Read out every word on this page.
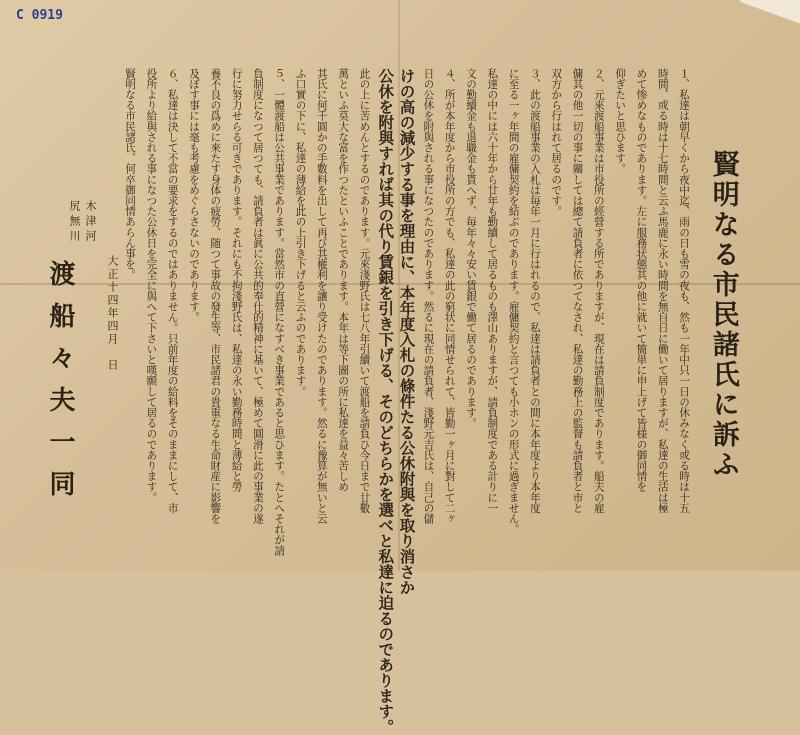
C 0919
賢明なる市民諸氏に訴ふ
１、私達は朝早くから夜中迄、雨の日も雪の夜も、然も一年中只一日の休みなく或る時は十五
時間、或る時は十七時間と云ふ馬鹿に永い時間を無自日に働いて居りますが、私達の生活は極
めて惨めなものであります。左に服務状態其の他に就いて簡単に申上げて皆様の御同情を
仰ぎたいと思ひます。
２、元來渡船事業は市役所の經營する所でありますが、現在は請負制度であります。船夫の雇
傭其の他一切の事に關しては總て請負者に依つてなされ、私達の勤務上の監督も請負者と市と
双方から行はれて居るのです。
３、此の渡船事業の入札は毎年一月に行はれるので、私達は請負者との間に本年度より本年度
に至る一ヶ年間の雇傭契約を結ぶのであります。雇傭契約と言つても小ホンの形式に過ぎません。
私達の中には六十年から廿年も勤續して居るものも澤山ありますが、請負制度である計りに一
文の勤續金も退職金も貰へず、毎年々々安い賃銀で働て居るのであります。
４、所が本年度から市役所の方でも、私達の此の窮状に同情せられて、皆勤一ヶ月に對して二ヶ
日の公休を附與される事になつたのであります。然るに現在の請負者、淺野元吉氏は、自己の儲
けの高の減少する事を理由に、本年度入札の條件たる公休附與を取り消さか
公休を附與すれば其の代り賃銀を引き下げる、そのどちらかを選べと私達に迫るのであります。
此の上に苦めんとするのであります。元來淺野氏は七八年引續いて渡船を請負ひ今日まで廿數
萬といふ莫大な富を作つたといふことであります。本年は等下圖の所に私達を益々苦しめ
其氏に何千圓かの手數料を出して再び其權利を讓り受けたのであります。然るに豫算が無いと云
ふ口實の下に、私達の薄給を此の上引き下げると云ふのであります。
５、一體渡船は公共事業であります。當然市の直營になすべき事業であると思ひます。たとへそれが請
負制度になつて居つても、請負者は眞に公共的奉仕的精神に基いて、極めて圓滑に此の事業の遂
行に努力せらる可きであります。それにも不拘淺野氏は、私達の永い勤務時間と薄給と勞
養不良の爲めに來たす身体の疲勞、随つて事故の發生等、市民諸君の貴重なる生命財産に影響を
及ぼす事には毫も考慮をめぐらさないのであります。
６、私達は決して不當の要求をするのではありません。只前年度の給料をそのままにして、市
役所より給與される事になつた公休日を完全に與へて下さいと嘆願して居るのであります。
賢明なる市民諸氏、何卒御同情あらん事を。
大正十四年四月　日
木津河
尻無川
渡船々夫一同
